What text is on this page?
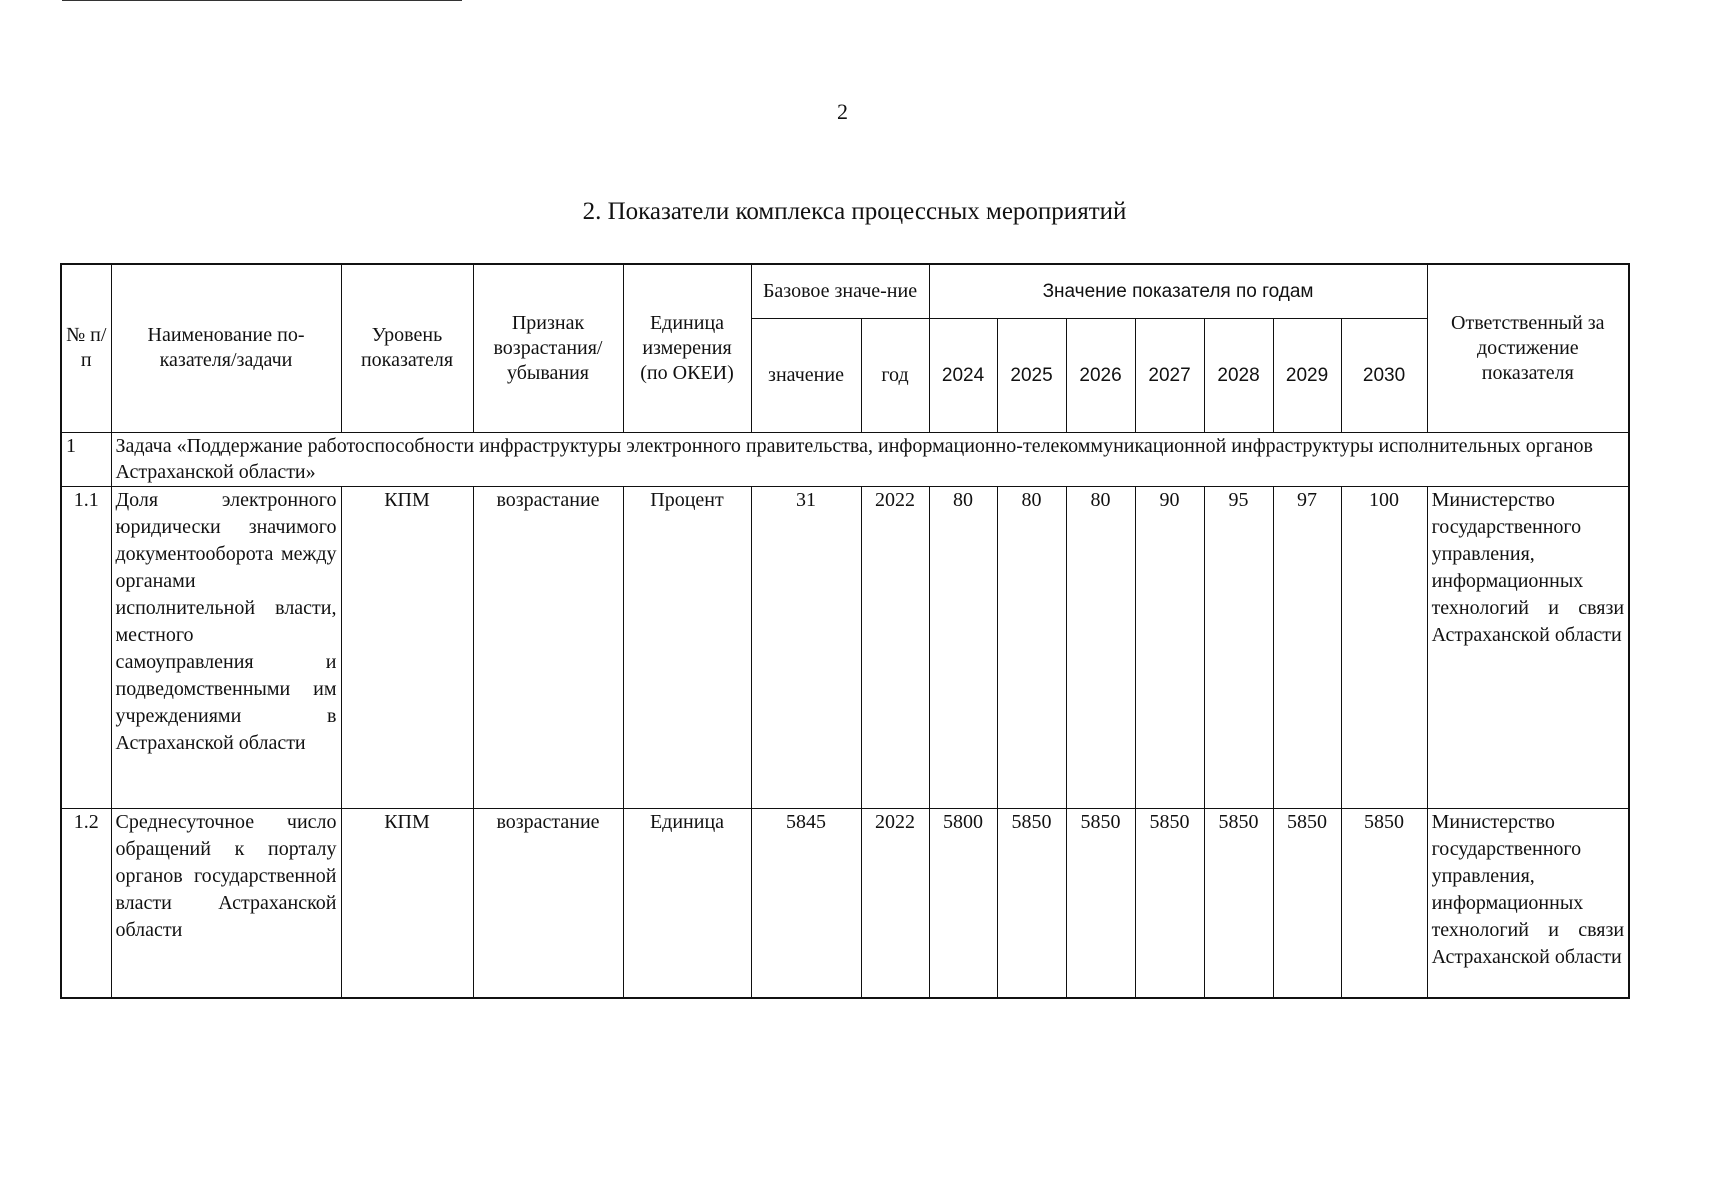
2
2. Показатели комплекса процессных мероприятий
№ п/п	Наименование по-казателя/задачи	Уровень показателя	Признак возрастания/ убывания	Единица измерения (по ОКЕИ)	Базовое значе-ние		Значение показателя по годам							Ответственный за достижение показателя
					значение	год	2024	2025	2026	2027	2028	2029	2030	
1	Задача «Поддержание работоспособности инфраструктуры электронного правительства, информационно-телекоммуникационной инфраструктуры исполнительных органов Астраханской области»													
1.1	Доля электронного юридически значимого документооборота между органами исполнительной власти, местного самоуправления и подведомственными им учреждениями в Астраханской области	КПМ	возрастание	Процент	31	2022	80	80	80	90	95	97	100	Министерство государственного управления, информационных технологий и связи Астраханской области
1.2	Среднесуточное число обращений к порталу органов государственной власти Астраханской области	КПМ	возрастание	Единица	5845	2022	5800	5850	5850	5850	5850	5850	5850	Министерство государственного управления, информационных технологий и связи Астраханской области
